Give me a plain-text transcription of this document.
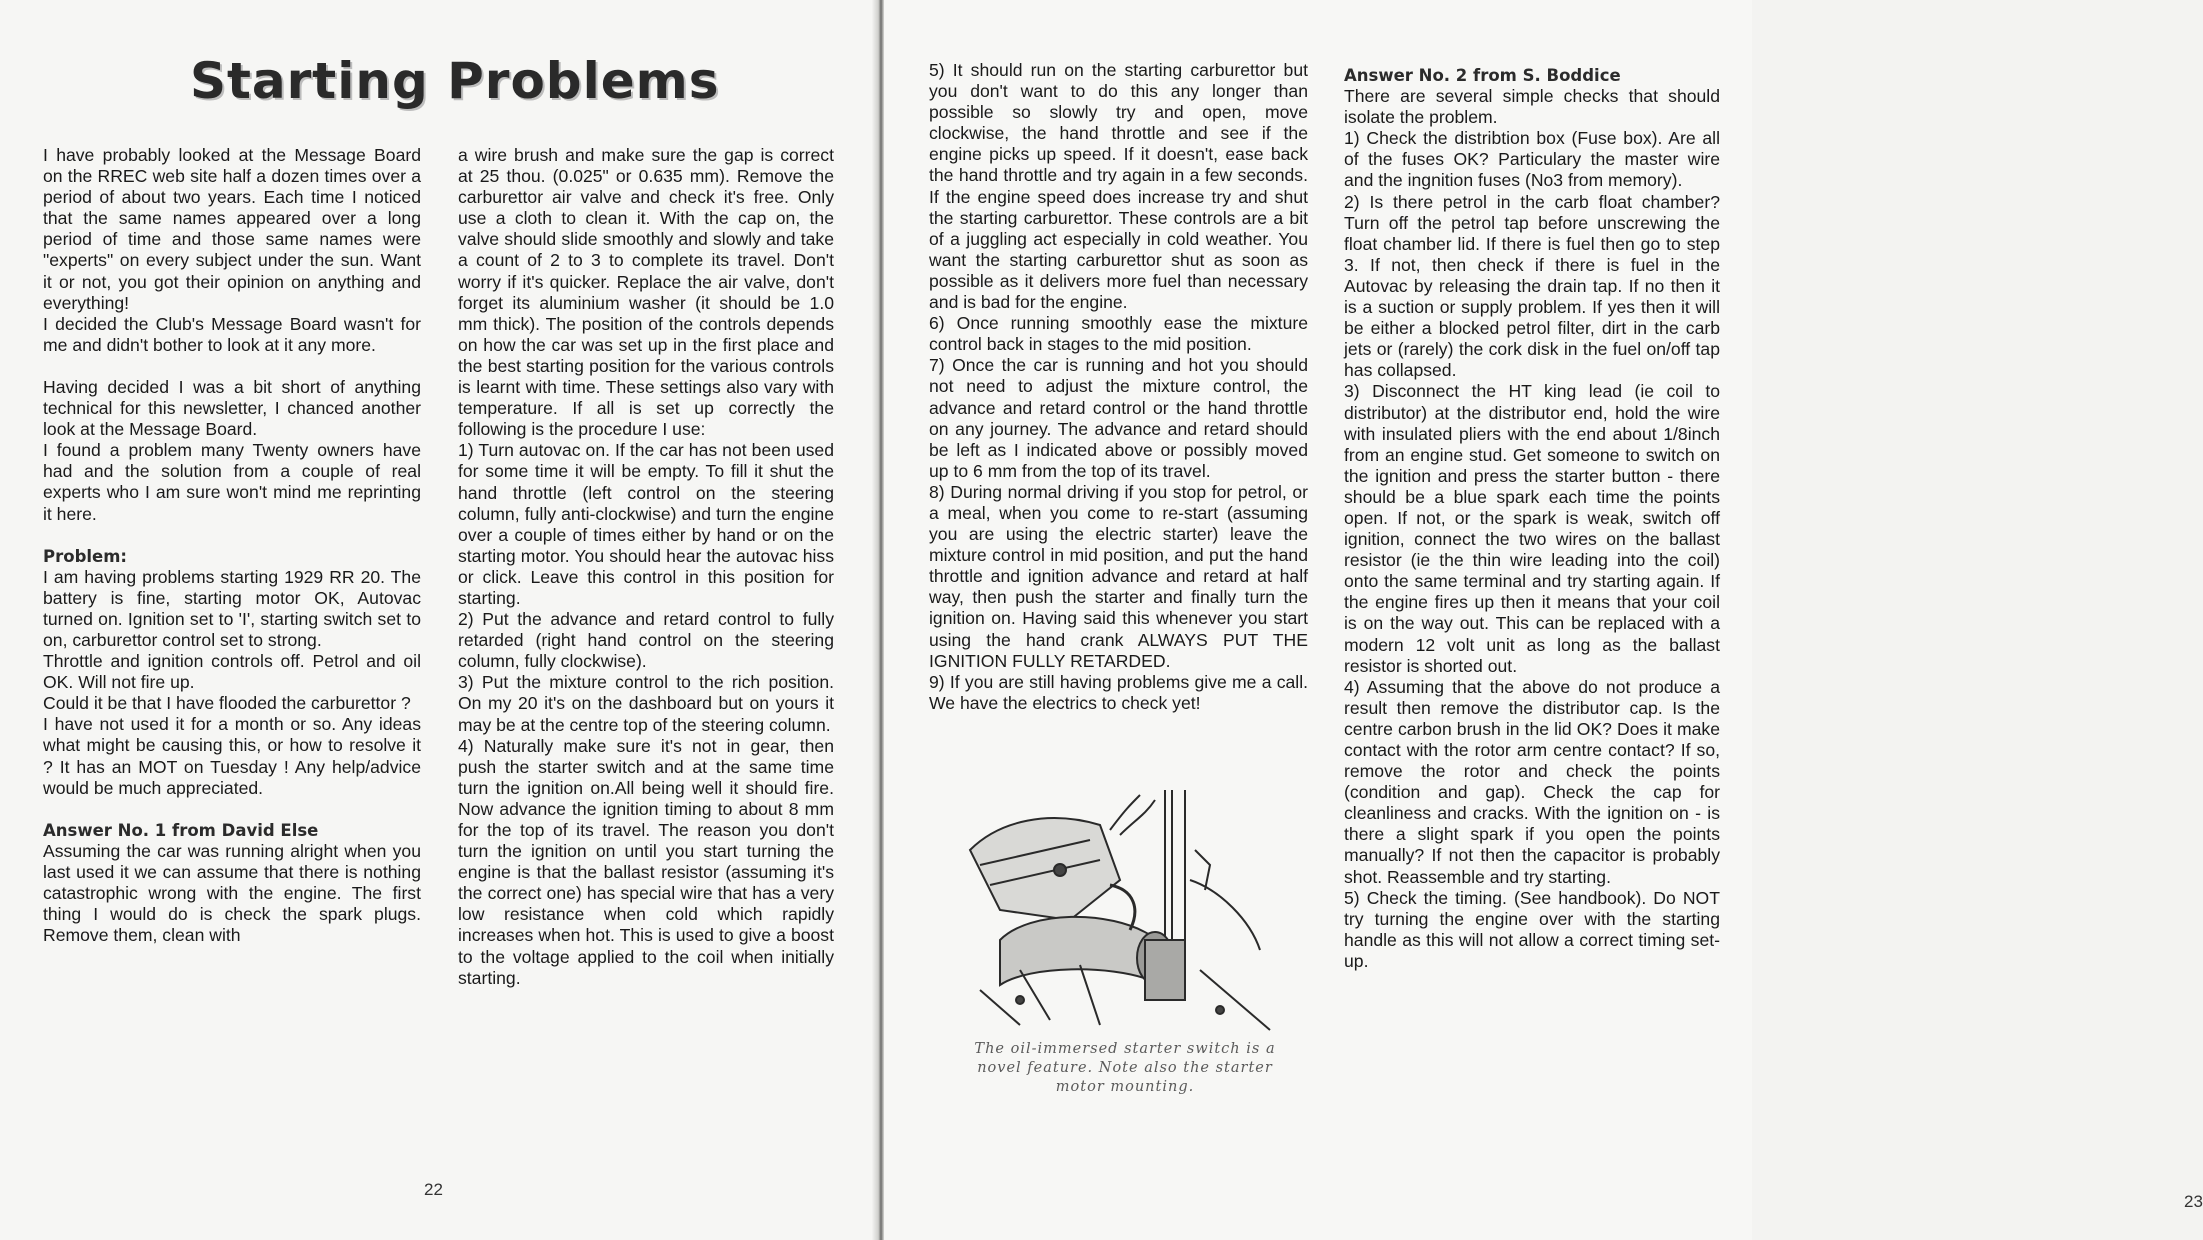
Starting Problems

I have probably looked at the Message Board on the RREC web site half a dozen times over a period of about two years. Each time I noticed that the same names appeared over a long period of time and those same names were "experts" on every subject under the sun. Want it or not, you got their opinion on anything and everything!

I decided the Club's Message Board wasn't for me and didn't bother to look at it any more.

Having decided I was a bit short of anything technical for this newsletter, I chanced another look at the Message Board.

I found a problem many Twenty owners have had and the solution from a couple of real experts who I am sure won't mind me reprinting it here.

Problem:

I am having problems starting 1929 RR 20. The battery is fine, starting motor OK, Autovac turned on. Ignition set to 'I', starting switch set to on, carburettor control set to strong.

Throttle and ignition controls off. Petrol and oil OK. Will not fire up.

Could it be that I have flooded the carburettor ?

I have not used it for a month or so. Any ideas what might be causing this, or how to resolve it ? It has an MOT on Tuesday ! Any help/advice would be much appreciated.

Answer No. 1 from David Else

Assuming the car was running alright when you last used it we can assume that there is nothing catastrophic wrong with the engine. The first thing I would do is check the spark plugs. Remove them, clean with

a wire brush and make sure the gap is correct at 25 thou. (0.025" or 0.635 mm). Remove the carburettor air valve and check it's free. Only use a cloth to clean it. With the cap on, the valve should slide smoothly and slowly and take a count of 2 to 3 to complete its travel. Don't worry if it's quicker. Replace the air valve, don't forget its aluminium washer (it should be 1.0 mm thick). The position of the controls depends on how the car was set up in the first place and the best starting position for the various controls is learnt with time. These settings also vary with temperature. If all is set up correctly the following is the procedure I use:

1) Turn autovac on. If the car has not been used for some time it will be empty. To fill it shut the hand throttle (left control on the steering column, fully anti-clockwise) and turn the engine over a couple of times either by hand or on the starting motor. You should hear the autovac hiss or click. Leave this control in this position for starting.

2) Put the advance and retard control to fully retarded (right hand control on the steering column, fully clockwise).

3) Put the mixture control to the rich position. On my 20 it's on the dashboard but on yours it may be at the centre top of the steering column.

4) Naturally make sure it's not in gear, then push the starter switch and at the same time turn the ignition on.All being well it should fire. Now advance the ignition timing to about 8 mm for the top of its travel. The reason you don't turn the ignition on until you start turning the engine is that the ballast resistor (assuming it's the correct one) has special wire that has a very low resistance when cold which rapidly increases when hot. This is used to give a boost to the voltage applied to the coil when initially starting.

22
23

5) It should run on the starting carburettor but you don't want to do this any longer than possible so slowly try and open, move clockwise, the hand throttle and see if the engine picks up speed. If it doesn't, ease back the hand throttle and try again in a few seconds. If the engine speed does increase try and shut the starting carburettor. These controls are a bit of a juggling act especially in cold weather. You want the starting carburettor shut as soon as possible as it delivers more fuel than necessary and is bad for the engine.

6) Once running smoothly ease the mixture control back in stages to the mid position.

7) Once the car is running and hot you should not need to adjust the mixture control, the advance and retard control or the hand throttle on any journey. The advance and retard should be left as I indicated above or possibly moved up to 6 mm from the top of its travel.

8) During normal driving if you stop for petrol, or a meal, when you come to re-start (assuming you are using the electric starter) leave the mixture control in mid position, and put the hand throttle and ignition advance and retard at half way, then push the starter and finally turn the ignition on. Having said this whenever you start using the hand crank ALWAYS PUT THE IGNITION FULLY RETARDED.

9) If you are still having problems give me a call. We have the electrics to check yet!

Answer No. 2 from S. Boddice

There are several simple checks that should isolate the problem.

1) Check the distribtion box (Fuse box). Are all of the fuses OK? Particulary the master wire and the ingnition fuses (No3 from memory).

2) Is there petrol in the carb float chamber? Turn off the petrol tap before unscrewing the float chamber lid. If there is fuel then go to step 3. If not, then check if there is fuel in the Autovac by releasing the drain tap. If no then it is a suction or supply problem. If yes then it will be either a blocked petrol filter, dirt in the carb jets or (rarely) the cork disk in the fuel on/off tap has collapsed.

3) Disconnect the HT king lead (ie coil to distributor) at the distributor end, hold the wire with insulated pliers with the end about 1/8inch from an engine stud. Get someone to switch on the ignition and press the starter button - there should be a blue spark each time the points open. If not, or the spark is weak, switch off ignition, connect the two wires on the ballast resistor (ie the thin wire leading into the coil) onto the same terminal and try starting again. If the engine fires up then it means that your coil is on the way out. This can be replaced with a modern 12 volt unit as long as the ballast resistor is shorted out.

4) Assuming that the above do not produce a result then remove the distributor cap. Is the centre carbon brush in the lid OK? Does it make contact with the rotor arm centre contact? If so, remove the rotor and check the points (condition and gap). Check the cap for cleanliness and cracks. With the ignition on - is there a slight spark if you open the points manually? If not then the capacitor is probably shot. Reassemble and try starting.

5) Check the timing. (See handbook). Do NOT try turning the engine over with the starting handle as this will not allow a correct timing set-up.

The oil-immersed starter switch is a
novel feature. Note also the starter
motor mounting.
